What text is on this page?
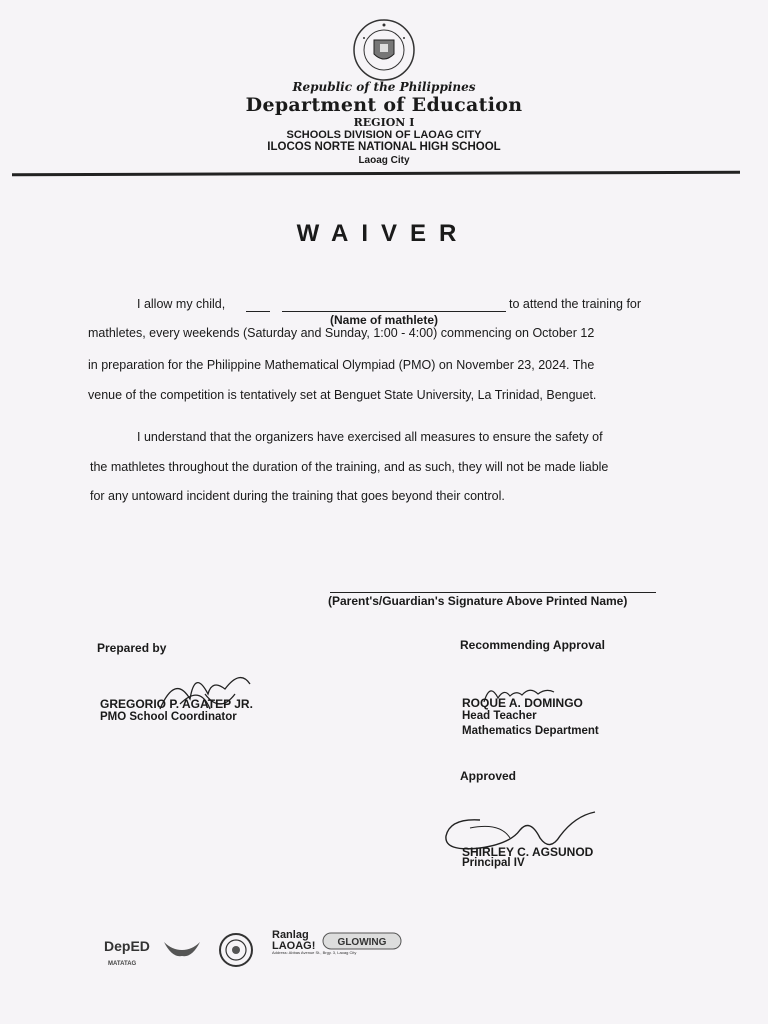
Republic of the Philippines
Department of Education
REGION I
SCHOOLS DIVISION OF LAOAG CITY
ILOCOS NORTE NATIONAL HIGH SCHOOL
Laoag City
WAIVER
I allow my child,	to attend the training for
(Name of mathlete)
mathletes, every weekends (Saturday and Sunday, 1:00 - 4:00) commencing on October 12
in preparation for the Philippine Mathematical Olympiad (PMO) on November 23, 2024. The
venue of the competition is tentatively set at Benguet State University, La Trinidad, Benguet.
I understand that the organizers have exercised all measures to ensure the safety of
the mathletes throughout the duration of the training, and as such, they will not be made liable
for any untoward incident during the training that goes beyond their control.
(Parent's/Guardian's Signature Above Printed Name)
Prepared by
GREGORIO P. AGATEP JR.
PMO School Coordinator
Recommending Approval
ROQUE A. DOMINGO
Head Teacher
Mathematics Department
Approved
SHIRLEY C. AGSUNOD
Principal IV
DepED
MATATAG
Ranlag
LAOAG!
Address: Abbas Avenue St., Brgy. 3, Laoag City
GLOWING
